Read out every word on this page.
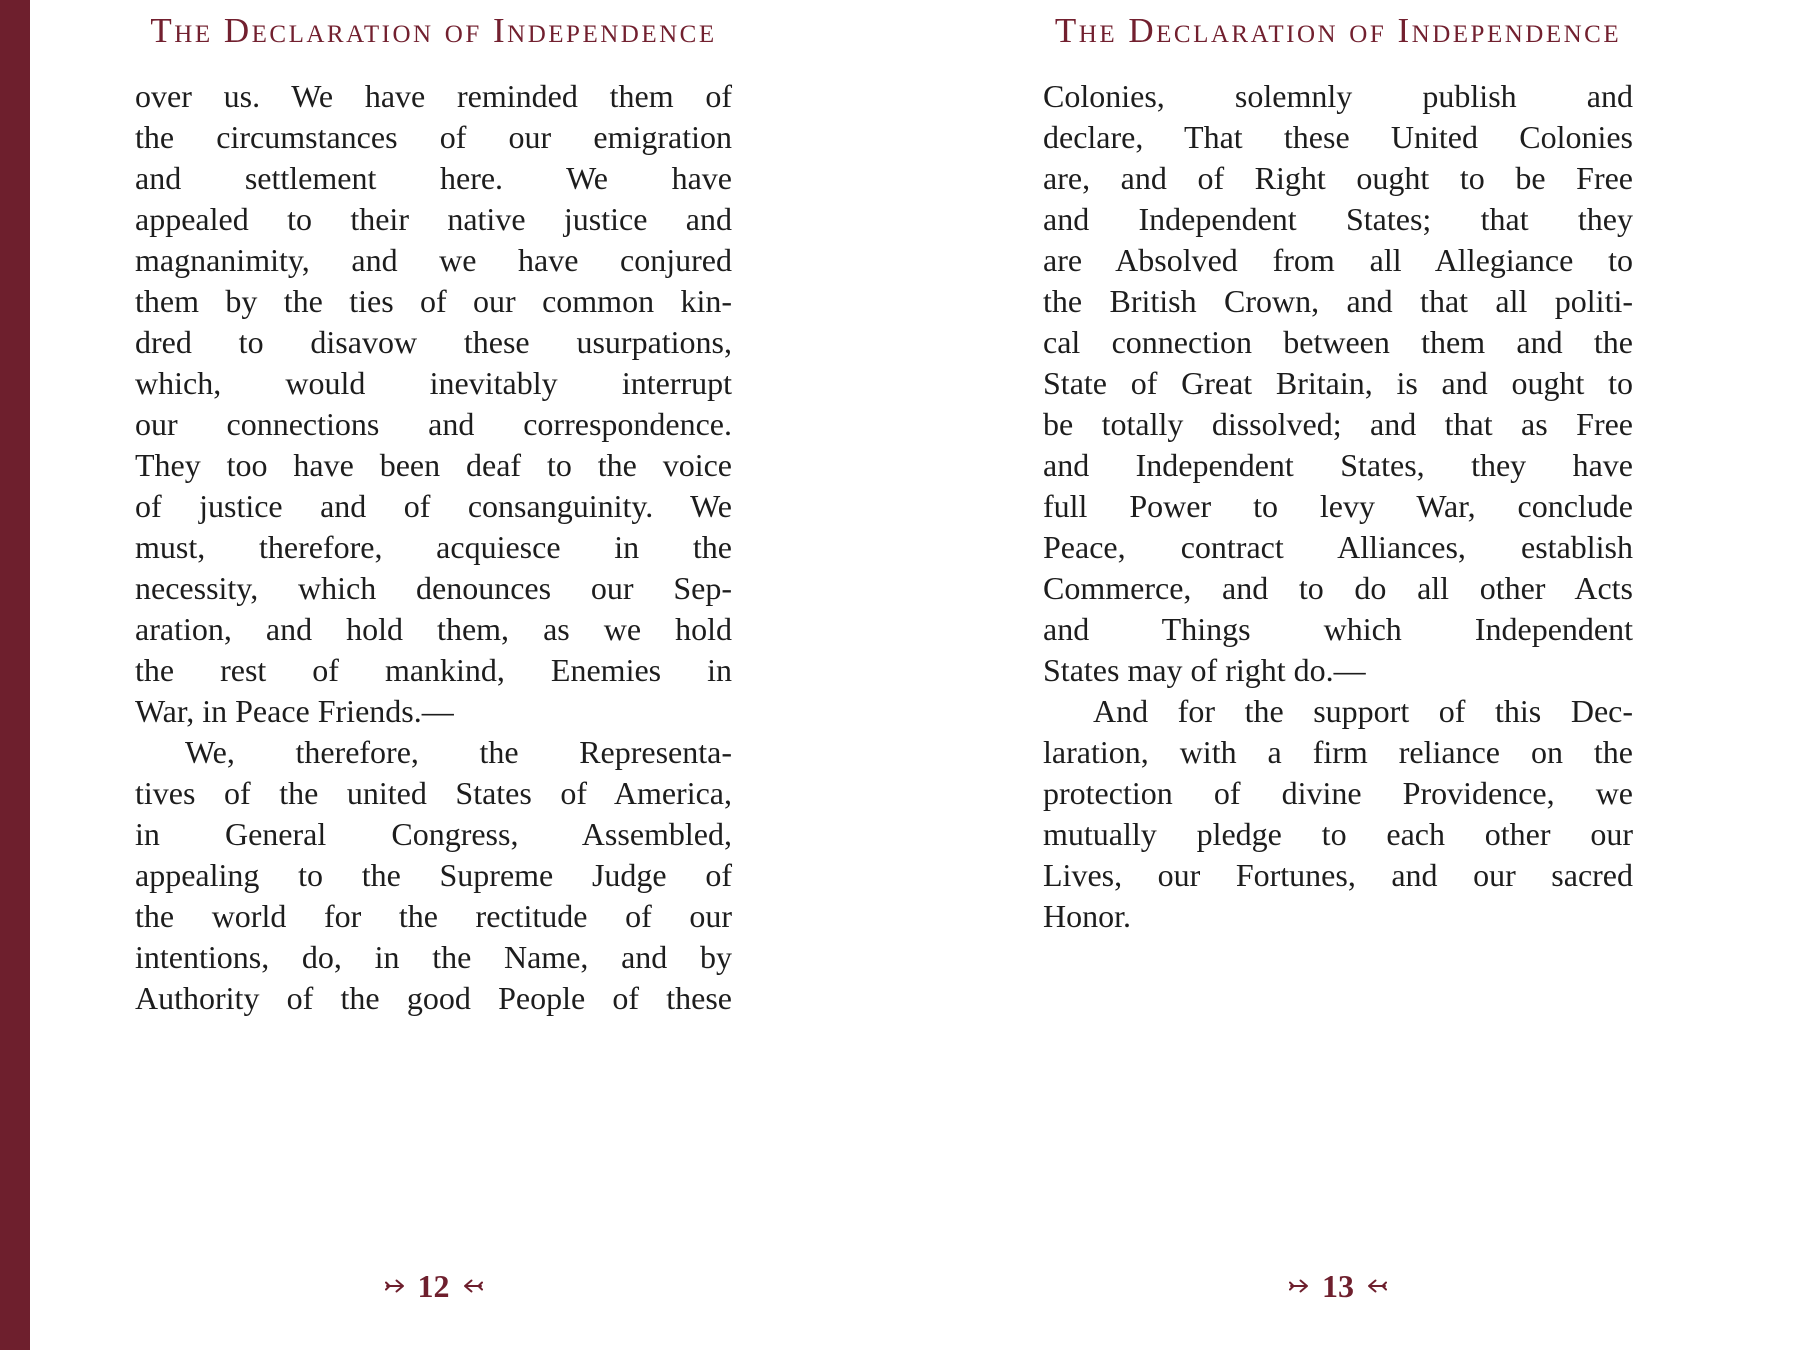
The Declaration of Independence
over us. We have reminded them of
the circumstances of our emigration
and settlement here. We have
appealed to their native justice and
magnanimity, and we have conjured
them by the ties of our common kin-
dred to disavow these usurpations,
which, would inevitably interrupt
our connections and correspondence.
They too have been deaf to the voice
of justice and of consanguinity. We
must, therefore, acquiesce in the
necessity, which denounces our Sep-
aration, and hold them, as we hold
the rest of mankind, Enemies in
War, in Peace Friends.—
We, therefore, the Representa-
tives of the united States of America,
in General Congress, Assembled,
appealing to the Supreme Judge of
the world for the rectitude of our
intentions, do, in the Name, and by
Authority of the good People of these
12
The Declaration of Independence
Colonies, solemnly publish and
declare, That these United Colonies
are, and of Right ought to be Free
and Independent States; that they
are Absolved from all Allegiance to
the British Crown, and that all politi-
cal connection between them and the
State of Great Britain, is and ought to
be totally dissolved; and that as Free
and Independent States, they have
full Power to levy War, conclude
Peace, contract Alliances, establish
Commerce, and to do all other Acts
and Things which Independent
States may of right do.—
And for the support of this Dec-
laration, with a firm reliance on the
protection of divine Providence, we
mutually pledge to each other our
Lives, our Fortunes, and our sacred
Honor.
13
